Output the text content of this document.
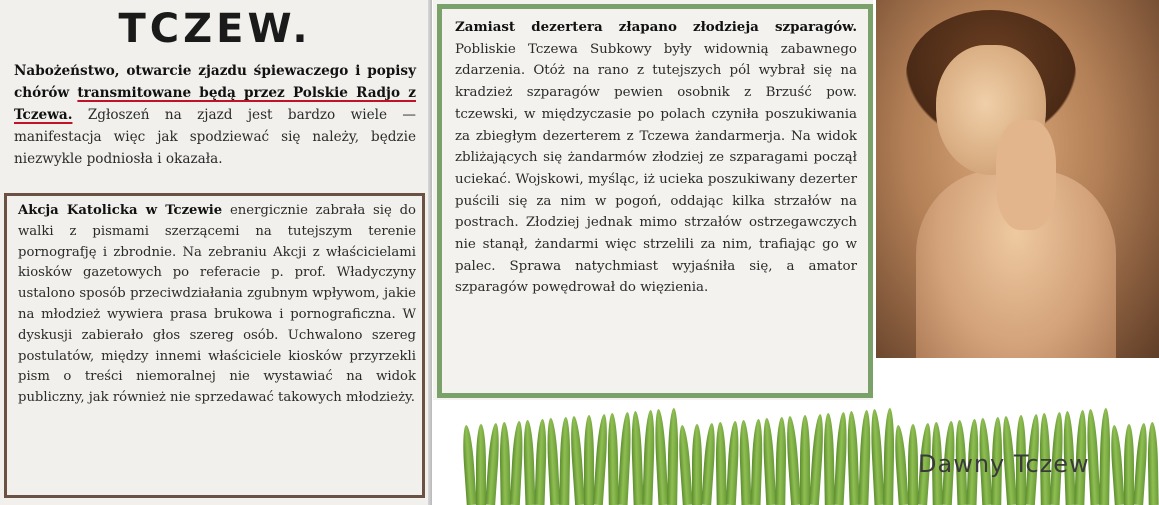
TCZEW.
Nabożeństwo, otwarcie zjazdu śpiewaczego i popisy chórów transmitowane będą przez Polskie Radjo z Tczewa. Zgłoszeń na zjazd jest bardzo wiele — manifestacja więc jak spodziewać się należy, będzie niezwykle podniosła i okazała.
Akcja Katolicka w Tczewie energicznie zabrała się do walki z pismami szerzącemi na tutejszym terenie pornografję i zbrodnie. Na zebraniu Akcji z właścicielami kiosków gazetowych po referacie p. prof. Władyczyny ustalono sposób przeciwdziałania zgubnym wpływom, jakie na młodzież wywiera prasa brukowa i pornograficzna. W dyskusji zabierało głos szereg osób. Uchwalono szereg postulatów, między innemi właściciele kiosków przyrzekli pism o treści niemoralnej nie wystawiać na widok publiczny, jak również nie sprzedawać takowych młodzieży.
Zamiast dezertera złapano złodzieja szparagów. Pobliskie Tczewa Subkowy były widownią zabawnego zdarzenia. Otóż na rano z tutejszych pól wybrał się na kradzież szparagów pewien osobnik z Brzuść pow. tczewski, w międzyczasie po polach czyniła poszukiwania za zbiegłym dezerterem z Tczewa żandarmerja. Na widok zbliżających się żandarmów złodziej ze szparagami począł uciekać. Wojskowi, myśląc, iż ucieka poszukiwany dezerter puścili się za nim w pogoń, oddając kilka strzałów na postrach. Złodziej jednak mimo strzałów ostrzegawczych nie stanął, żandarmi więc strzelili za nim, trafiając go w palec. Sprawa natychmiast wyjaśniła się, a amator szparagów powędrował do więzienia.
Dawny Tczew
